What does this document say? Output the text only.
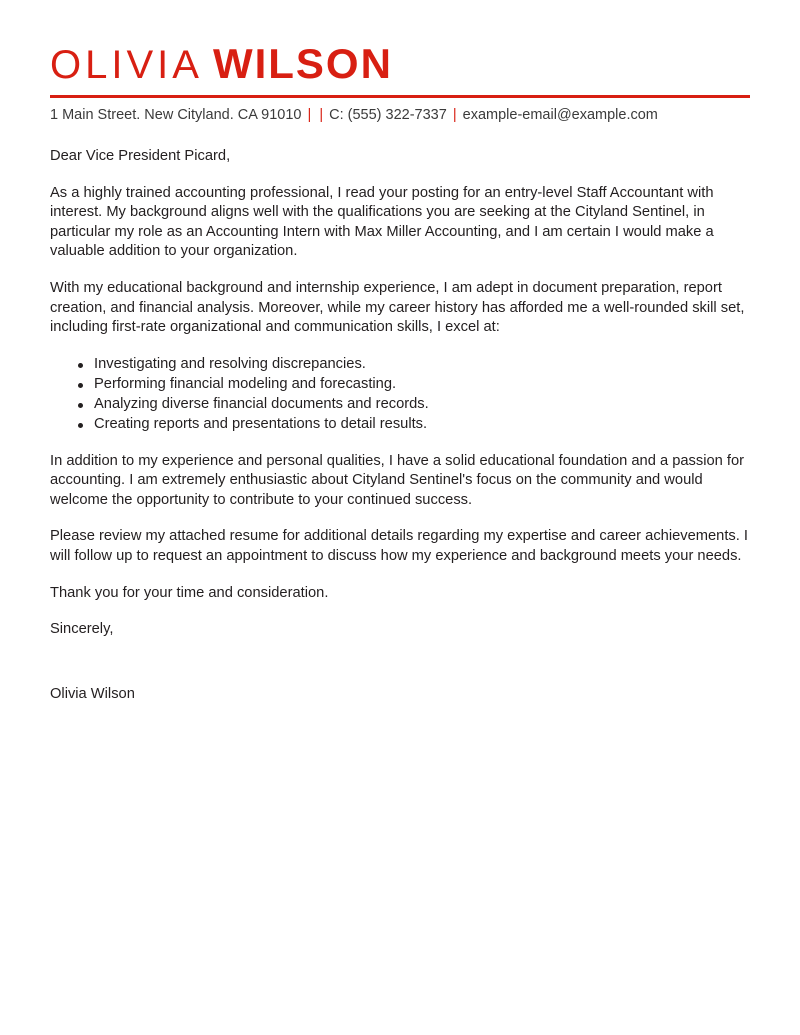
OLIVIA WILSON
1 Main Street. New Cityland. CA 91010 | | C: (555) 322-7337 | example-email@example.com

Dear Vice President Picard,

As a highly trained accounting professional, I read your posting for an entry-level Staff Accountant with interest. My background aligns well with the qualifications you are seeking at the Cityland Sentinel, in particular my role as an Accounting Intern with Max Miller Accounting, and I am certain I would make a valuable addition to your organization.

With my educational background and internship experience, I am adept in document preparation, report creation, and financial analysis. Moreover, while my career history has afforded me a well-rounded skill set, including first-rate organizational and communication skills, I excel at:

Investigating and resolving discrepancies.
Performing financial modeling and forecasting.
Analyzing diverse financial documents and records.
Creating reports and presentations to detail results.

In addition to my experience and personal qualities, I have a solid educational foundation and a passion for accounting. I am extremely enthusiastic about Cityland Sentinel's focus on the community and would welcome the opportunity to contribute to your continued success.

Please review my attached resume for additional details regarding my expertise and career achievements. I will follow up to request an appointment to discuss how my experience and background meets your needs.

Thank you for your time and consideration.

Sincerely,

Olivia Wilson
